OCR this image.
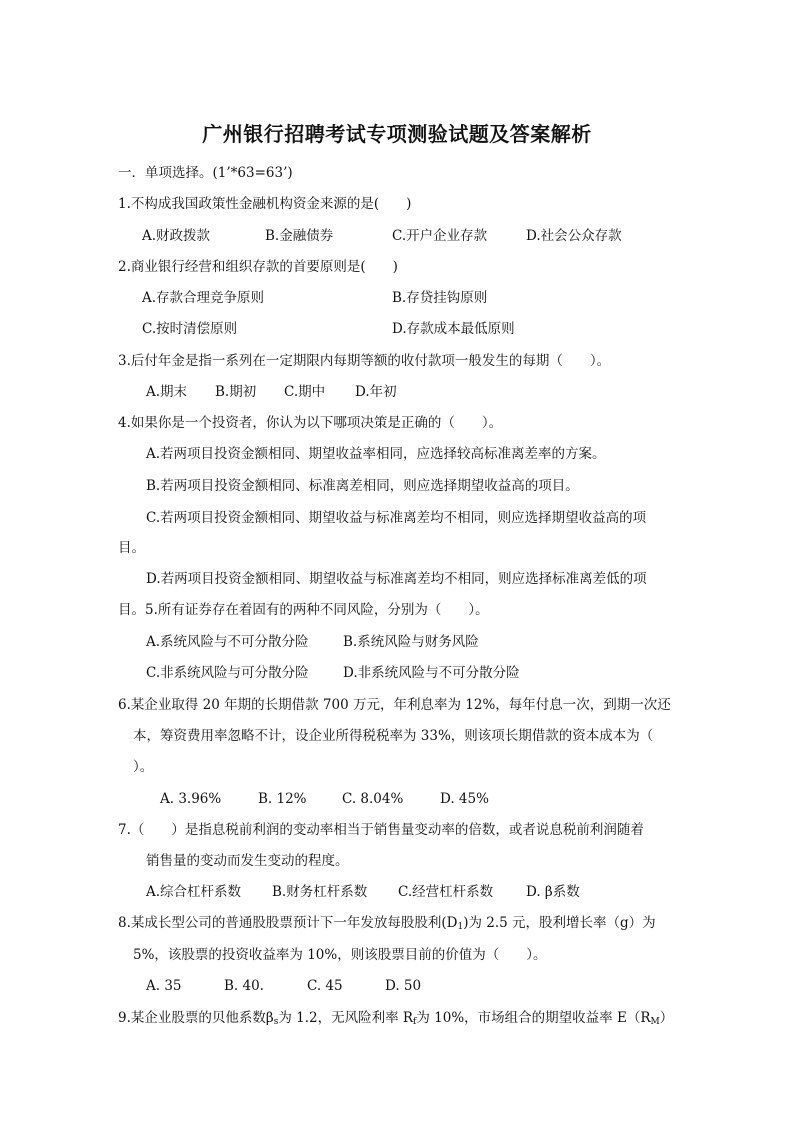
广州银行招聘考试专项测验试题及答案解析
一．单项选择。(1’*63=63’)
1.不构成我国政策性金融机构资金来源的是(　　)
A.财政拨款	B.金融债券	C.开户企业存款	D.社会公众存款
2.商业银行经营和组织存款的首要原则是(　　)
A.存款合理竞争原则	B.存贷挂钩原则
C.按时清偿原则	D.存款成本最低原则
3.后付年金是指一系列在一定期限内每期等额的收付款项一般发生的每期（　　）。
A.期末 B.期初 C.期中 D.年初
4.如果你是一个投资者，你认为以下哪项决策是正确的（　　）。
A.若两项目投资金额相同、期望收益率相同，应选择较高标准离差率的方案。
B.若两项目投资金额相同、标准离差相同，则应选择期望收益高的项目。
C.若两项目投资金额相同、期望收益与标准离差均不相同，则应选择期望收益高的项
目。
D.若两项目投资金额相同、期望收益与标准离差均不相同，则应选择标准离差低的项
目。5.所有证券存在着固有的两种不同风险，分别为（　　）。
A.系统风险与不可分散分险	B.系统风险与财务风险
C.非系统风险与可分散分险	D.非系统风险与不可分散分险
6.某企业取得 20 年期的长期借款 700 万元，年利息率为 12%，每年付息一次，到期一次还
本，筹资费用率忽略不计，设企业所得税税率为 33%，则该项长期借款的资本成本为（
）。
A. 3.96%	B. 12%	C. 8.04%	D. 45%
7.（　　）是指息税前利润的变动率相当于销售量变动率的倍数，或者说息税前利润随着
销售量的变动而发生变动的程度。
A.综合杠杆系数 B.财务杠杆系数 C.经营杠杆系数 D. β系数
8.某成长型公司的普通股股票预计下一年发放每股股利$(D_1)$为 2.5 元，股利增长率（g）为
5%，该股票的投资收益率为 10%，则该股票目前的价值为（　　）。
A. 35	B. 40.	C. 45	D. 50
9.某企业股票的贝他系数$\beta_s$为 1.2，无风险利率 $R_f$为 10%，市场组合的期望收益率 $E(R_M)$
